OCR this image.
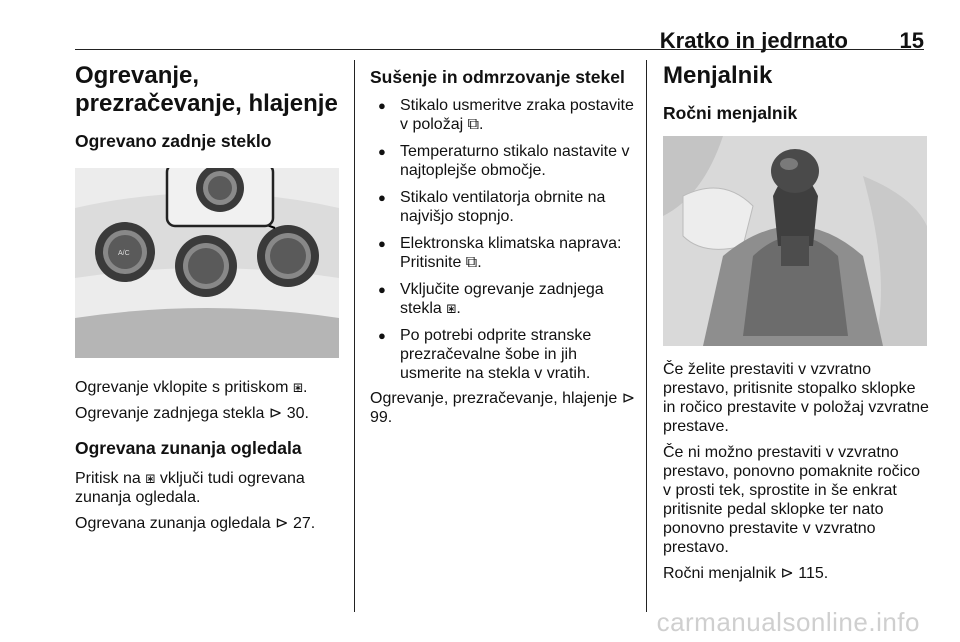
Kratko in jedrnato 15
Ogrevanje, prezračevanje, hlajenje
Ogrevano zadnje steklo
A/C

Ogrevanje vklopite s pritiskom ⧆.

Ogrevanje zadnjega stekla ⊳ 30.

Ogrevana zunanja ogledala

Pritisk na ⧆ vključi tudi ogrevana zunanja ogledala.

Ogrevana zunanja ogledala ⊳ 27.

Sušenje in odmrzovanje stekel
● Stikalo usmeritve zraka postavite v položaj ⧉.
● Temperaturno stikalo nastavite v najtoplejše območje.
● Stikalo ventilatorja obrnite na najvišjo stopnjo.
● Elektronska klimatska naprava: Pritisnite ⧉.
● Vključite ogrevanje zadnjega stekla ⧆.
● Po potrebi odprite stranske prezračevalne šobe in jih usmerite na stekla v vratih.

Ogrevanje, prezračevanje, hlajenje ⊳ 99.

Menjalnik
Ročni menjalnik

Če želite prestaviti v vzvratno prestavo, pritisnite stopalko sklopke in ročico prestavite v položaj vzvratne prestave.

Če ni možno prestaviti v vzvratno prestavo, ponovno pomaknite ročico v prosti tek, sprostite in še enkrat pritisnite pedal sklopke ter nato ponovno prestavite v vzvratno prestavo.

Ročni menjalnik ⊳ 115.

carmanualsonline.info
